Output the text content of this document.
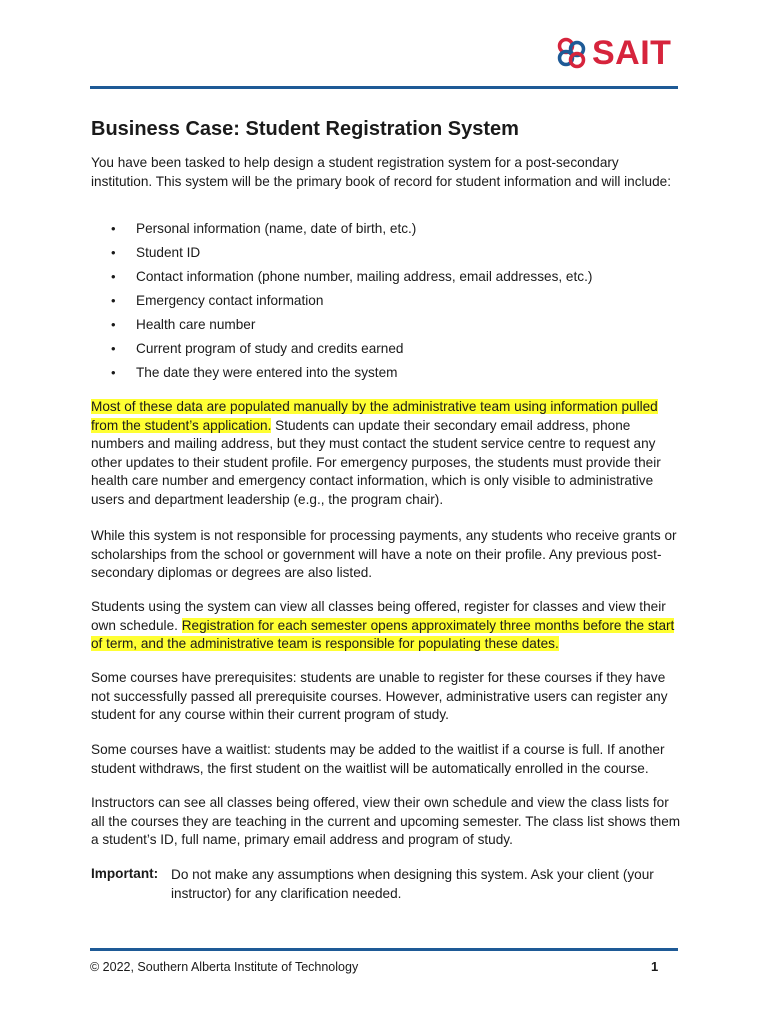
SAIT
Business Case: Student Registration System

You have been tasked to help design a student registration system for a post-secondary institution. This system will be the primary book of record for student information and will include:

• Personal information (name, date of birth, etc.)
• Student ID
• Contact information (phone number, mailing address, email addresses, etc.)
• Emergency contact information
• Health care number
• Current program of study and credits earned
• The date they were entered into the system

Most of these data are populated manually by the administrative team using information pulled from the student’s application. Students can update their secondary email address, phone numbers and mailing address, but they must contact the student service centre to request any other updates to their student profile. For emergency purposes, the students must provide their health care number and emergency contact information, which is only visible to administrative users and department leadership (e.g., the program chair).

While this system is not responsible for processing payments, any students who receive grants or scholarships from the school or government will have a note on their profile. Any previous post-secondary diplomas or degrees are also listed.

Students using the system can view all classes being offered, register for classes and view their own schedule. Registration for each semester opens approximately three months before the start of term, and the administrative team is responsible for populating these dates.

Some courses have prerequisites: students are unable to register for these courses if they have not successfully passed all prerequisite courses. However, administrative users can register any student for any course within their current program of study.

Some courses have a waitlist: students may be added to the waitlist if a course is full. If another student withdraws, the first student on the waitlist will be automatically enrolled in the course.

Instructors can see all classes being offered, view their own schedule and view the class lists for all the courses they are teaching in the current and upcoming semester. The class list shows them a student’s ID, full name, primary email address and program of study.

Important: Do not make any assumptions when designing this system. Ask your client (your instructor) for any clarification needed.

© 2022, Southern Alberta Institute of Technology	1
